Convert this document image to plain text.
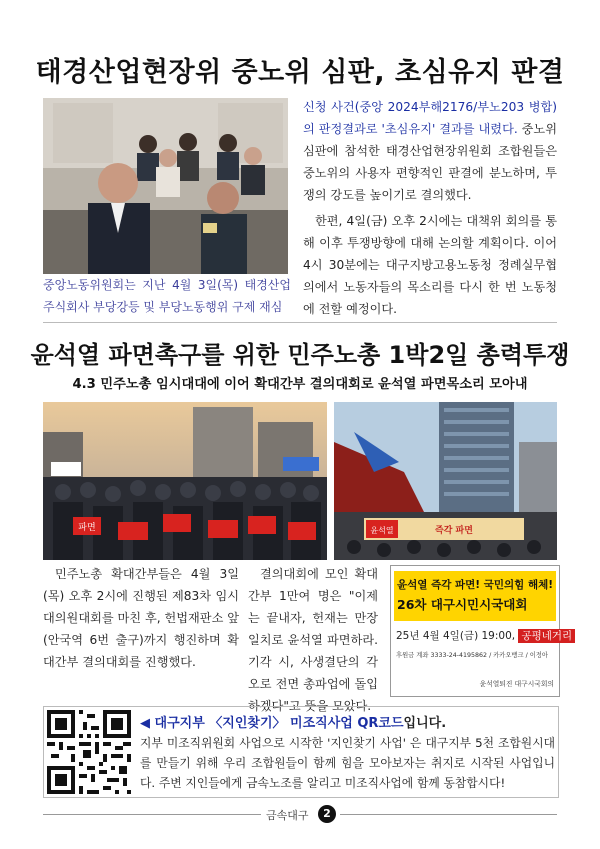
태경산업현장위 중노위 심판, 초심유지 판결
신청 사건(중앙 2024부해2176/부노203 병합)의 판정결과로 '초심유지' 결과를 내렸다. 중노위 심판에 참석한 태경산업현장위원회 조합원들은 중노위의 사용자 편향적인 판결에 분노하며, 투쟁의 강도를 높이기로 결의했다.
한편, 4일(금) 오후 2시에는 대책위 회의를 통해 이후 투쟁방향에 대해 논의할 계획이다. 이어 4시 30분에는 대구지방고용노동청 정례실무협의에서 노동자들의 목소리를 다시 한 번 노동청에 전할 예정이다.
중앙노동위원회는 지난 4월 3일(목) 태경산업주식회사 부당강등 및 부당노동행위 구제 재심
윤석열 파면촉구를 위한 민주노총 1박2일 총력투쟁
4.3 민주노총 임시대대에 이어 확대간부 결의대회로 윤석열 파면목소리 모아내
파면	윤석열	즉각 파면
민주노총 확대간부들은 4월 3일(목) 오후 2시에 진행된 제83차 임시대의원대회를 마친 후, 헌법재판소 앞(안국역 6번 출구)까지 행진하며 확대간부 결의대회를 진행했다.
결의대회에 모인 확대간부 1만여 명은 "이제는 끝내자, 헌재는 만장일치로 윤석열 파면하라. 기각 시, 사생결단의 각오로 전면 총파업에 돌입하겠다"고 뜻을 모았다.
윤석열 즉각 파면! 국민의힘 해체!
26차 대구시민시국대회
25년 4월 4일(금) 19:00, 공평네거리
후원금 계좌 3333-24-4195862 / 카카오뱅크 / 이정아
윤석열퇴진 대구시국회의
◀ 대구지부 〈지인찾기〉 미조직사업 QR코드입니다.
지부 미조직위원회 사업으로 시작한 '지인찾기 사업' 은 대구지부 5천 조합원시대를 만들기 위해 우리 조합원들이 함께 힘을 모아보자는 취지로 시작된 사업입니다. 주변 지인들에게 금속노조를 알리고 미조직사업에 함께 동참합시다!
금속대구	2
